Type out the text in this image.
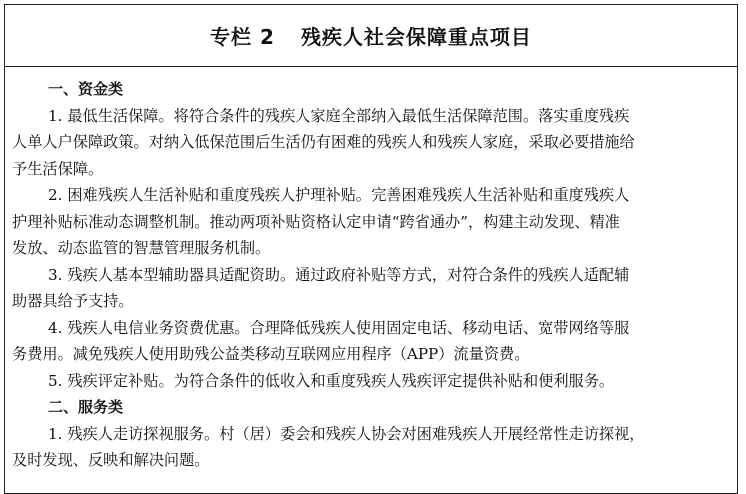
专栏 2 残疾人社会保障重点项目
一、资金类
1. 最低生活保障。将符合条件的残疾人家庭全部纳入最低生活保障范围。落实重度残疾
人单人户保障政策。对纳入低保范围后生活仍有困难的残疾人和残疾人家庭，采取必要措施给
予生活保障。
2. 困难残疾人生活补贴和重度残疾人护理补贴。完善困难残疾人生活补贴和重度残疾人
护理补贴标准动态调整机制。推动两项补贴资格认定申请“跨省通办”，构建主动发现、精准
发放、动态监管的智慧管理服务机制。
3. 残疾人基本型辅助器具适配资助。通过政府补贴等方式，对符合条件的残疾人适配辅
助器具给予支持。
4. 残疾人电信业务资费优惠。合理降低残疾人使用固定电话、移动电话、宽带网络等服
务费用。减免残疾人使用助残公益类移动互联网应用程序（APP）流量资费。
5. 残疾评定补贴。为符合条件的低收入和重度残疾人残疾评定提供补贴和便利服务。
二、服务类
1. 残疾人走访探视服务。村（居）委会和残疾人协会对困难残疾人开展经常性走访探视，
及时发现、反映和解决问题。
